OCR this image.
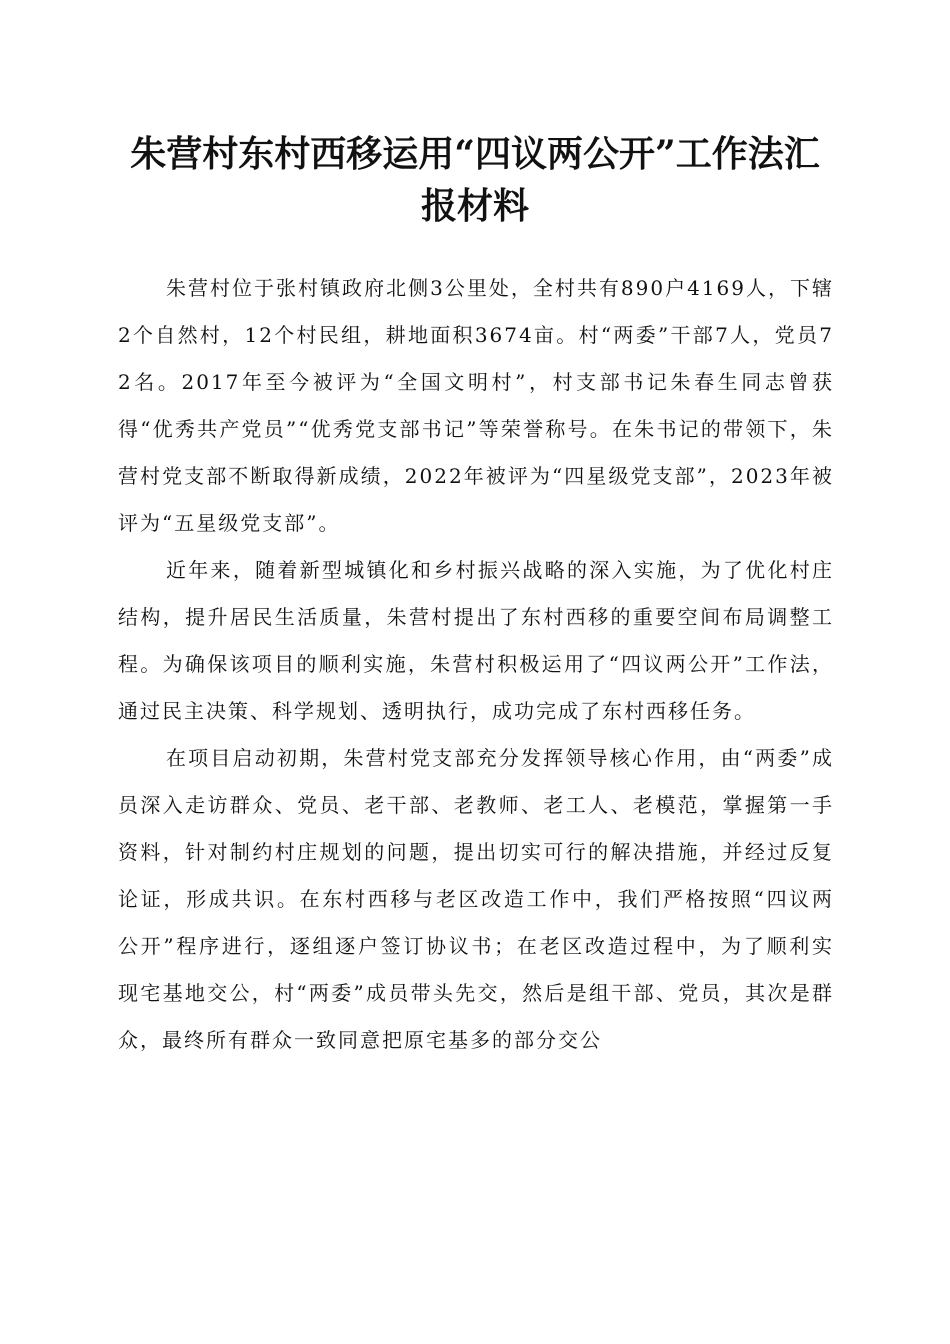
朱营村东村西移运用“四议两公开”工作法汇
报材料

朱营村位于张村镇政府北侧3公里处，全村共有890户4169人，下辖2个自然村，12个村民组，耕地面积3674亩。村“两委”干部7人，党员72名。2017年至今被评为“全国文明村”，村支部书记朱春生同志曾获得“优秀共产党员”“优秀党支部书记”等荣誉称号。在朱书记的带领下，朱营村党支部不断取得新成绩，2022年被评为“四星级党支部”，2023年被评为“五星级党支部”。

近年来，随着新型城镇化和乡村振兴战略的深入实施，为了优化村庄结构，提升居民生活质量，朱营村提出了东村西移的重要空间布局调整工程。为确保该项目的顺利实施，朱营村积极运用了“四议两公开”工作法，通过民主决策、科学规划、透明执行，成功完成了东村西移任务。

在项目启动初期，朱营村党支部充分发挥领导核心作用，由“两委”成员深入走访群众、党员、老干部、老教师、老工人、老模范，掌握第一手资料，针对制约村庄规划的问题，提出切实可行的解决措施，并经过反复论证，形成共识。在东村西移与老区改造工作中，我们严格按照“四议两公开”程序进行，逐组逐户签订协议书；在老区改造过程中，为了顺利实现宅基地交公，村“两委”成员带头先交，然后是组干部、党员，其次是群众，最终所有群众一致同意把原宅基多的部分交公
